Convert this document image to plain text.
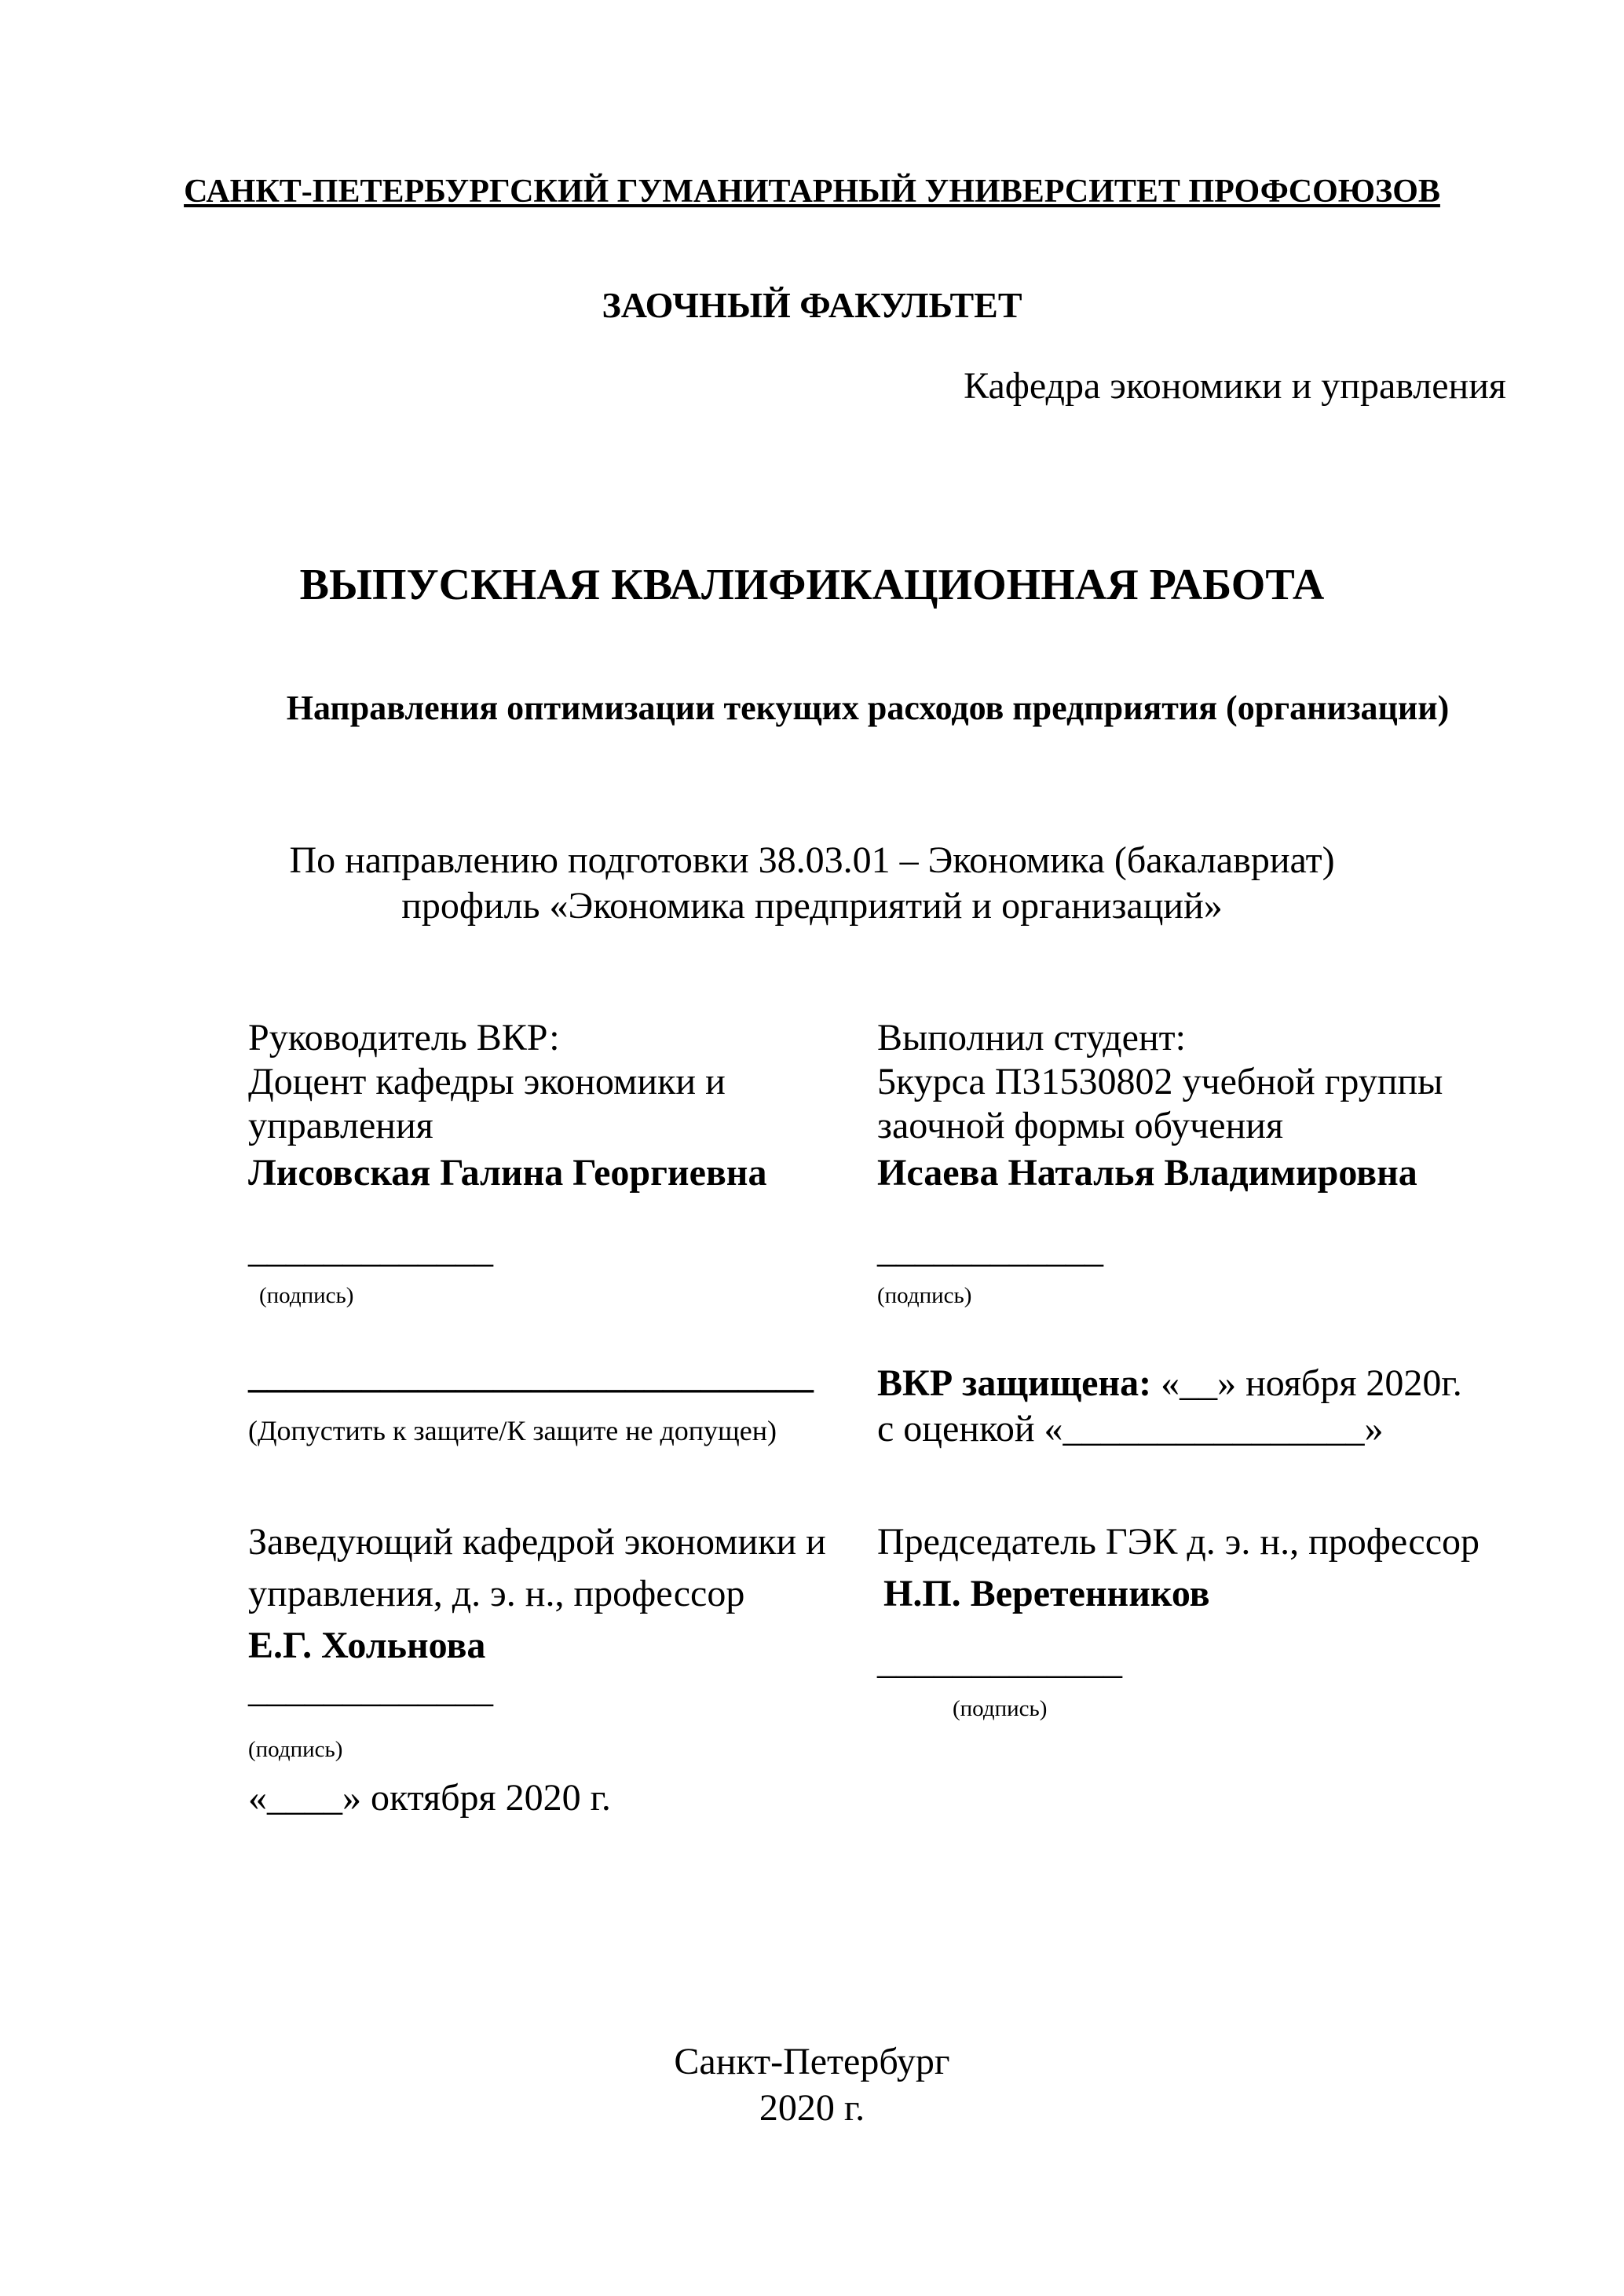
САНКТ-ПЕТЕРБУРГСКИЙ ГУМАНИТАРНЫЙ УНИВЕРСИТЕТ ПРОФСОЮЗОВ
ЗАОЧНЫЙ ФАКУЛЬТЕТ
Кафедра экономики и управления
ВЫПУСКНАЯ КВАЛИФИКАЦИОННАЯ РАБОТА
Направления оптимизации текущих расходов предприятия (организации)
По направлению подготовки 38.03.01 – Экономика (бакалавриат)
профиль «Экономика предприятий и организаций»
Руководитель ВКР:
Доцент кафедры экономики и
управления
Лисовская Галина Георгиевна
_____________
(подпись)
Выполнил студент:
5курса П31530802 учебной группы
заочной формы обучения
Исаева Наталья Владимировна
____________
(подпись)
______________________________
(Допустить к защите/К защите не допущен)
ВКР защищена: «__» ноября 2020г.
с оценкой «________________»
Заведующий кафедрой экономики и
управления, д. э. н., профессор
Е.Г. Хольнова
_____________
(подпись)
«____» октября 2020 г.
Председатель ГЭК д. э. н., профессор
Н.П. Веретенников
_____________
(подпись)
Санкт-Петербург
2020 г.
